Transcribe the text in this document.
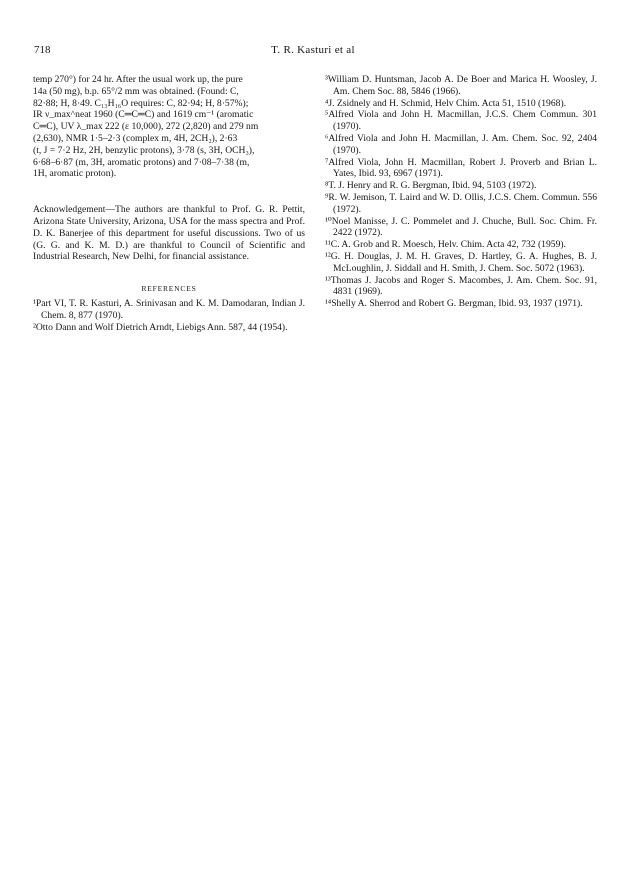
718	T. R. Kasturi et al
temp 270°) for 24 hr. After the usual work up, the pure
14a (50 mg), b.p. 65°/2 mm was obtained. (Found: C,
82·88; H, 8·49. C₁₃H₁₆O requires: C, 82·94; H, 8·57%);
IR ν_max^neat 1960 (C═C═C) and 1619 cm⁻¹ (aromatic
C═C), UV λ_max 222 (ε 10,000), 272 (2,820) and 279 nm
(2,630), NMR 1·5–2·3 (complex m, 4H, 2CH₂), 2·63
(t, J = 7·2 Hz, 2H, benzylic protons), 3·78 (s, 3H, OCH₃),
6·68–6·87 (m, 3H, aromatic protons) and 7·08–7·38 (m,
1H, aromatic proton).

Acknowledgement—The authors are thankful to Prof. G. R. Pettit, Arizona State University, Arizona, USA for the mass spectra and Prof. D. K. Banerjee of this department for useful discussions. Two of us (G. G. and K. M. D.) are thankful to Council of Scientific and Industrial Research, New Delhi, for financial assistance.

REFERENCES

¹Part VI, T. R. Kasturi, A. Srinivasan and K. M. Damodaran, Indian J. Chem. 8, 877 (1970).

²Otto Dann and Wolf Dietrich Arndt, Liebigs Ann. 587, 44 (1954).

³William D. Huntsman, Jacob A. De Boer and Marica H. Woosley, J. Am. Chem Soc. 88, 5846 (1966).

⁴J. Zsidnely and H. Schmid, Helv Chim. Acta 51, 1510 (1968).

⁵Alfred Viola and John H. Macmillan, J.C.S. Chem Commun. 301 (1970).

⁶Alfred Viola and John H. Macmillan, J. Am. Chem. Soc. 92, 2404 (1970).

⁷Alfred Viola, John H. Macmillan, Robert J. Proverb and Brian L. Yates, Ibid. 93, 6967 (1971).

⁸T. J. Henry and R. G. Bergman, Ibid. 94, 5103 (1972).

⁹R. W. Jemison, T. Laird and W. D. Ollis, J.C.S. Chem. Commun. 556 (1972).

¹⁰Noel Manisse, J. C. Pommelet and J. Chuche, Bull. Soc. Chim. Fr. 2422 (1972).

¹¹C. A. Grob and R. Moesch, Helv. Chim. Acta 42, 732 (1959).

¹²G. H. Douglas, J. M. H. Graves, D. Hartley, G. A. Hughes, B. J. McLoughlin, J. Siddall and H. Smith, J. Chem. Soc. 5072 (1963).

¹³Thomas J. Jacobs and Roger S. Macombes, J. Am. Chem. Soc. 91, 4831 (1969).

¹⁴Shelly A. Sherrod and Robert G. Bergman, Ibid. 93, 1937 (1971).
